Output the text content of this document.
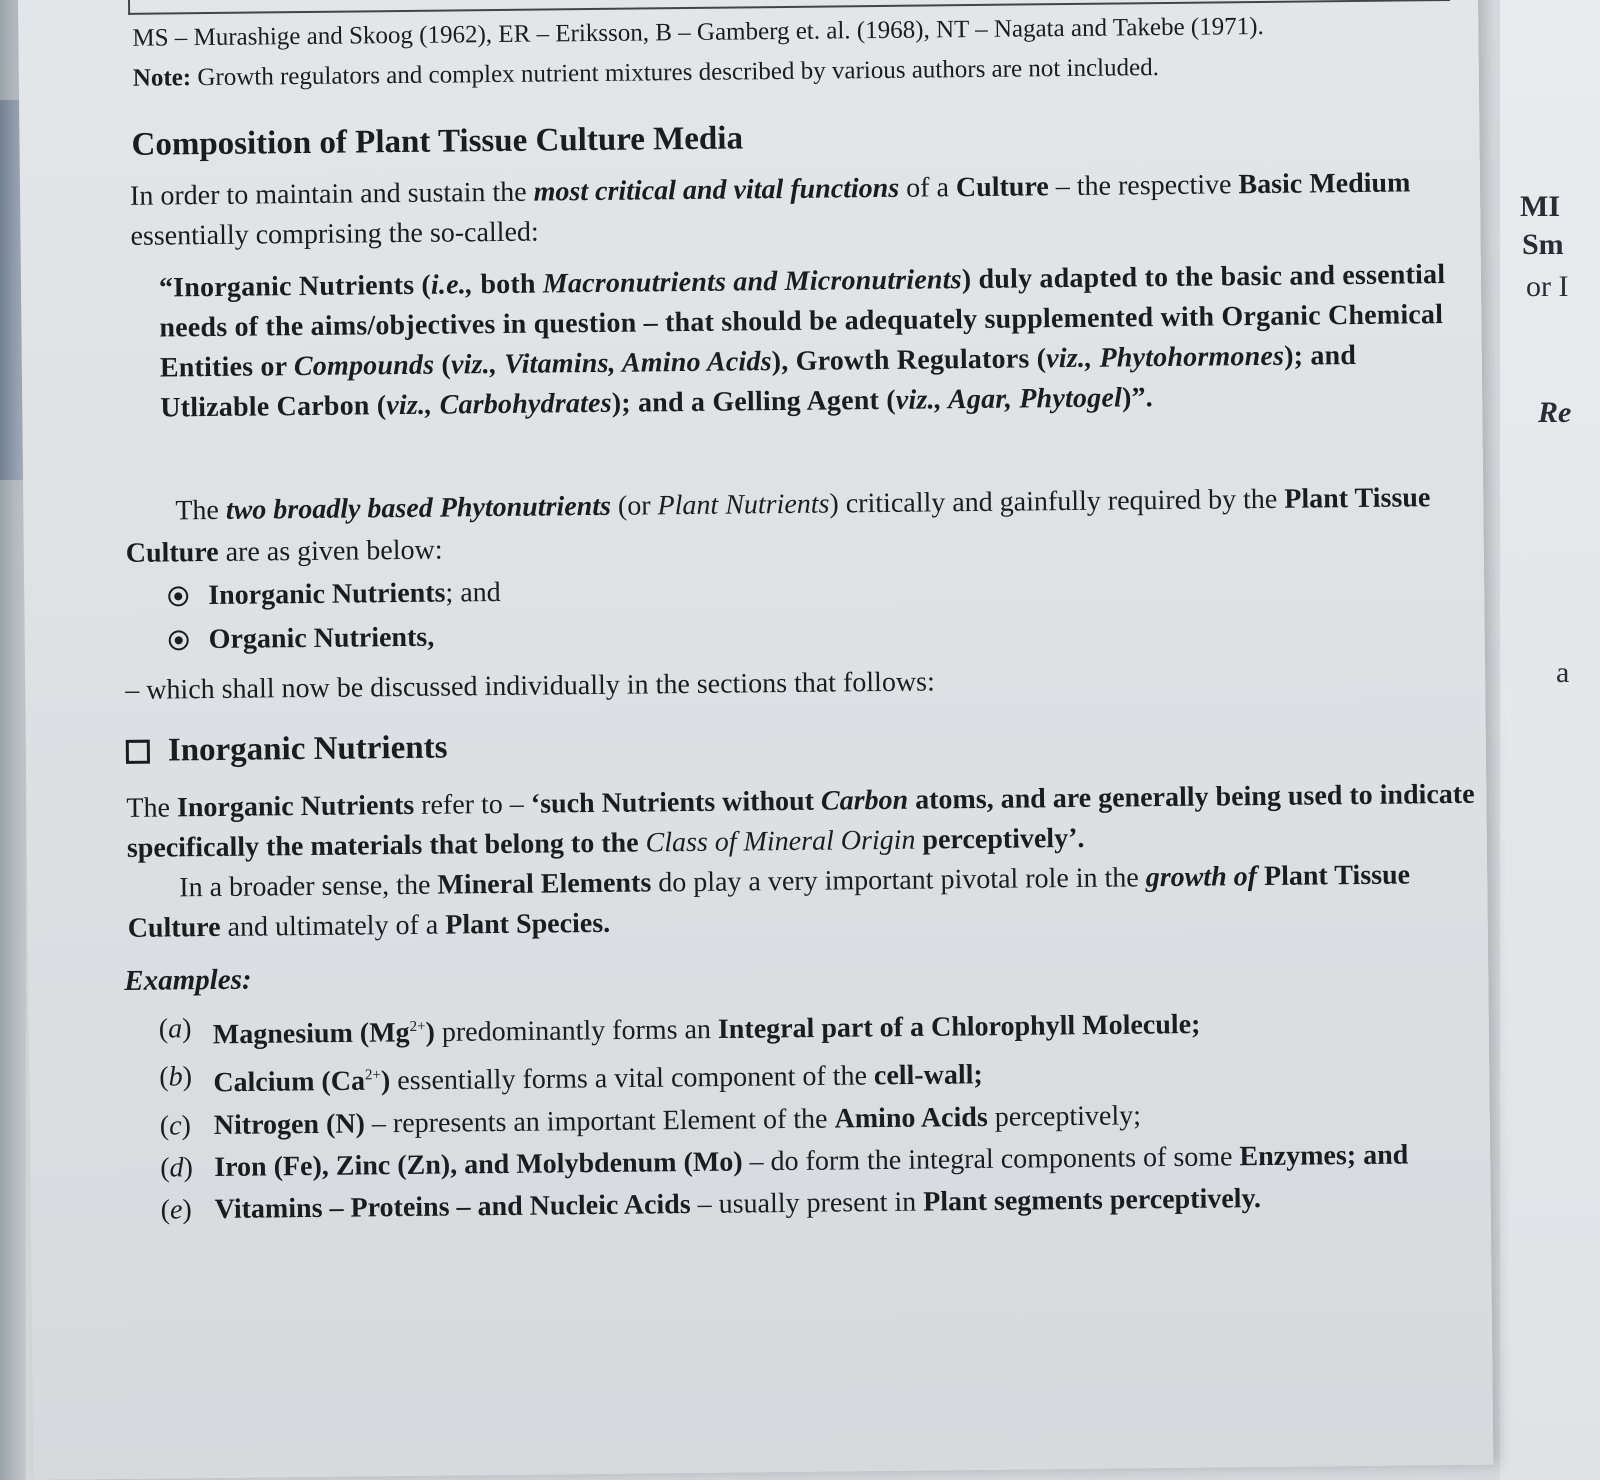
MI
Sm
or I
Re
a
MS – Murashige and Skoog (1962), ER – Eriksson, B – Gamberg et. al. (1968), NT – Nagata and Takebe (1971).
Note: Growth regulators and complex nutrient mixtures described by various authors are not included.
Composition of Plant Tissue Culture Media

In order to maintain and sustain the most critical and vital functions of a Culture – the respective Basic Medium essentially comprising the so-called:

“Inorganic Nutrients (i.e., both Macronutrients and Micronutrients) duly adapted to the basic and essential needs of the aims/objectives in question – that should be adequately supplemented with Organic Chemical Entities or Compounds (viz., Vitamins, Amino Acids), Growth Regulators (viz., Phytohormones); and Utlizable Carbon (viz., Carbohydrates); and a Gelling Agent (viz., Agar, Phytogel)”.

The two broadly based Phytonutrients (or Plant Nutrients) critically and gainfully required by the Plant Tissue Culture are as given below:

Inorganic Nutrients ; and
Organic Nutrients,
– which shall now be discussed individually in the sections that follows:
Inorganic Nutrients

The Inorganic Nutrients refer to – ‘such Nutrients without Carbon atoms, and are generally being used to indicate specifically the materials that belong to the Class of Mineral Origin perceptively’.

In a broader sense, the Mineral Elements do play a very important pivotal role in the growth of Plant Tissue Culture and ultimately of a Plant Species.

Examples:
( a )	Magnesium $(Mg^{2+})$ predominantly forms an Integral part of a Chlorophyll Molecule;
( b )	Calcium $(Ca^{2+})$ essentially forms a vital component of the cell-wall;
( c )	Nitrogen (N) – represents an important Element of the Amino Acids perceptively;
( d )	Iron (Fe), Zinc (Zn), and Molybdenum (Mo) – do form the integral components of some Enzymes; and
( e )	Vitamins – Proteins – and Nucleic Acids – usually present in Plant segments perceptively.
